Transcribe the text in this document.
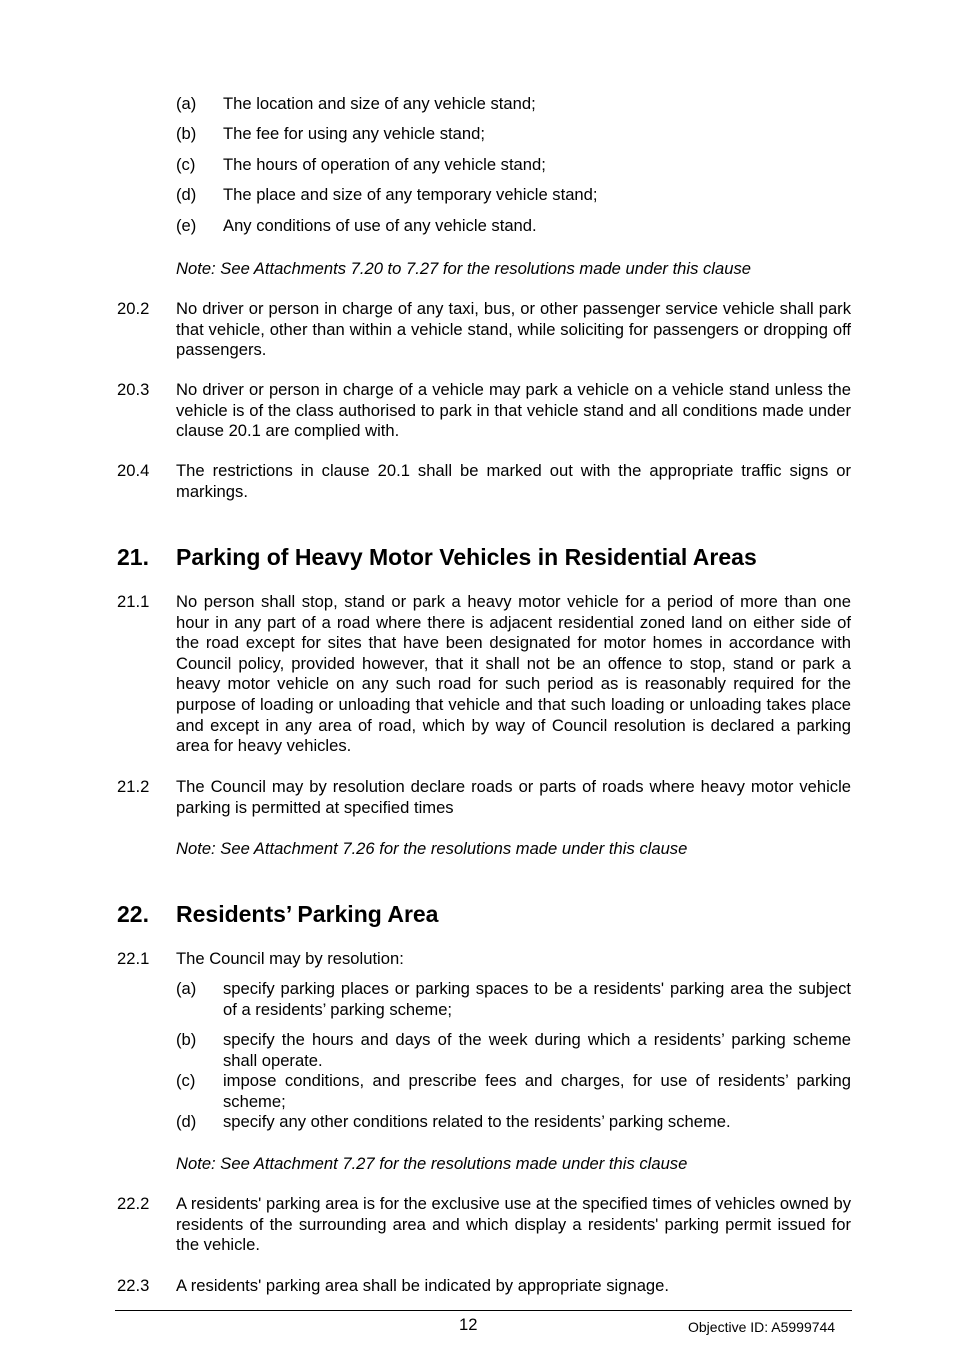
(a) The location and size of any vehicle stand;
(b) The fee for using any vehicle stand;
(c) The hours of operation of any vehicle stand;
(d) The place and size of any temporary vehicle stand;
(e) Any conditions of use of any vehicle stand.
Note: See Attachments 7.20 to 7.27 for the resolutions made under this clause
20.2 No driver or person in charge of any taxi, bus, or other passenger service vehicle shall park that vehicle, other than within a vehicle stand, while soliciting for passengers or dropping off passengers.
20.3 No driver or person in charge of a vehicle may park a vehicle on a vehicle stand unless the vehicle is of the class authorised to park in that vehicle stand and all conditions made under clause 20.1 are complied with.
20.4 The restrictions in clause 20.1 shall be marked out with the appropriate traffic signs or markings.
21. Parking of Heavy Motor Vehicles in Residential Areas
21.1 No person shall stop, stand or park a heavy motor vehicle for a period of more than one hour in any part of a road where there is adjacent residential zoned land on either side of the road except for sites that have been designated for motor homes in accordance with Council policy, provided however, that it shall not be an offence to stop, stand or park a heavy motor vehicle on any such road for such period as is reasonably required for the purpose of loading or unloading that vehicle and that such loading or unloading takes place and except in any area of road, which by way of Council resolution is declared a parking area for heavy vehicles.
21.2 The Council may by resolution declare roads or parts of roads where heavy motor vehicle parking is permitted at specified times
Note: See Attachment 7.26 for the resolutions made under this clause
22. Residents’ Parking Area
22.1 The Council may by resolution:
(a) specify parking places or parking spaces to be a residents' parking area the subject of a residents’ parking scheme;
(b) specify the hours and days of the week during which a residents’ parking scheme shall operate.
(c) impose conditions, and prescribe fees and charges, for use of residents’ parking scheme;
(d) specify any other conditions related to the residents’ parking scheme.
Note: See Attachment 7.27 for the resolutions made under this clause
22.2 A residents' parking area is for the exclusive use at the specified times of vehicles owned by residents of the surrounding area and which display a residents' parking permit issued for the vehicle.
22.3 A residents' parking area shall be indicated by appropriate signage.
12	Objective ID: A5999744
